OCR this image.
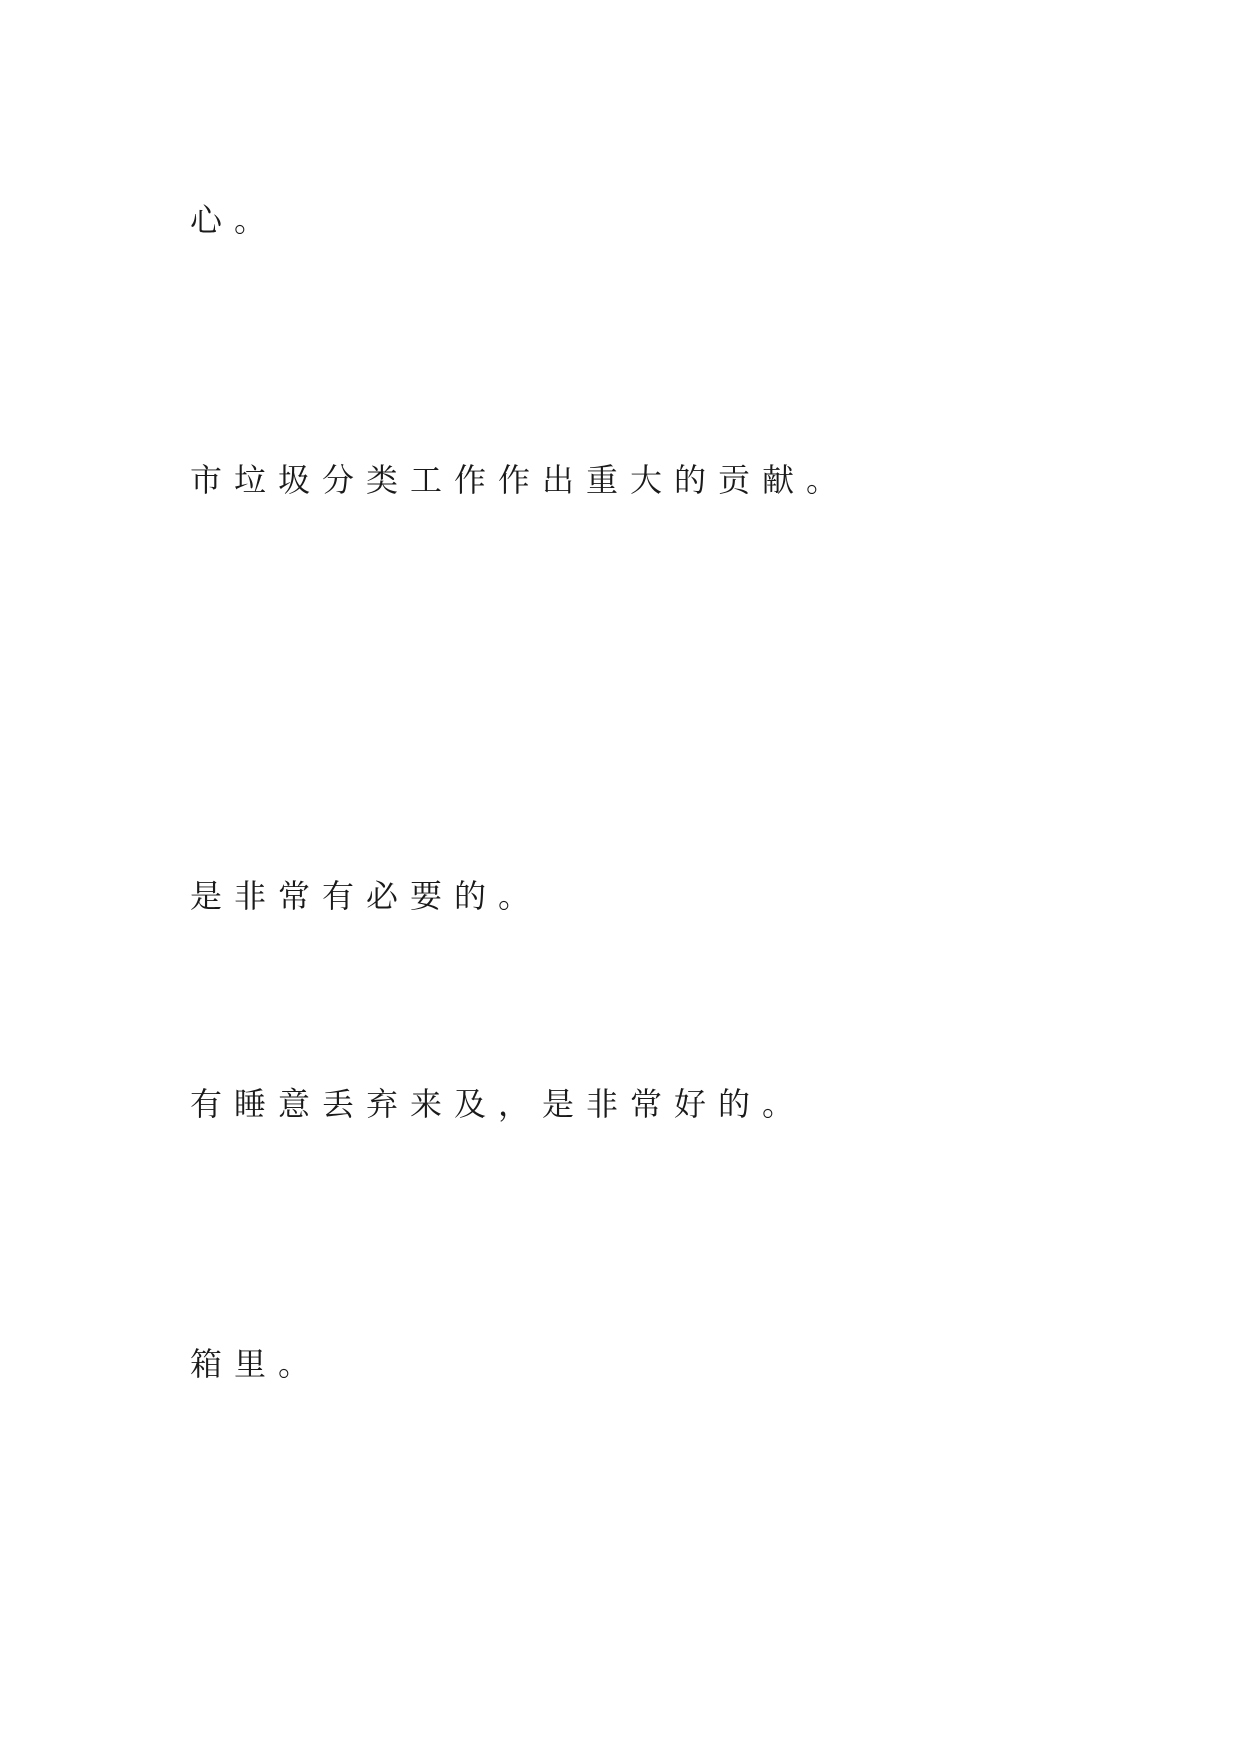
心。
市垃圾分类工作作出重大的贡献。
是非常有必要的。
有睡意丢弃来及，是非常好的。
箱里。
